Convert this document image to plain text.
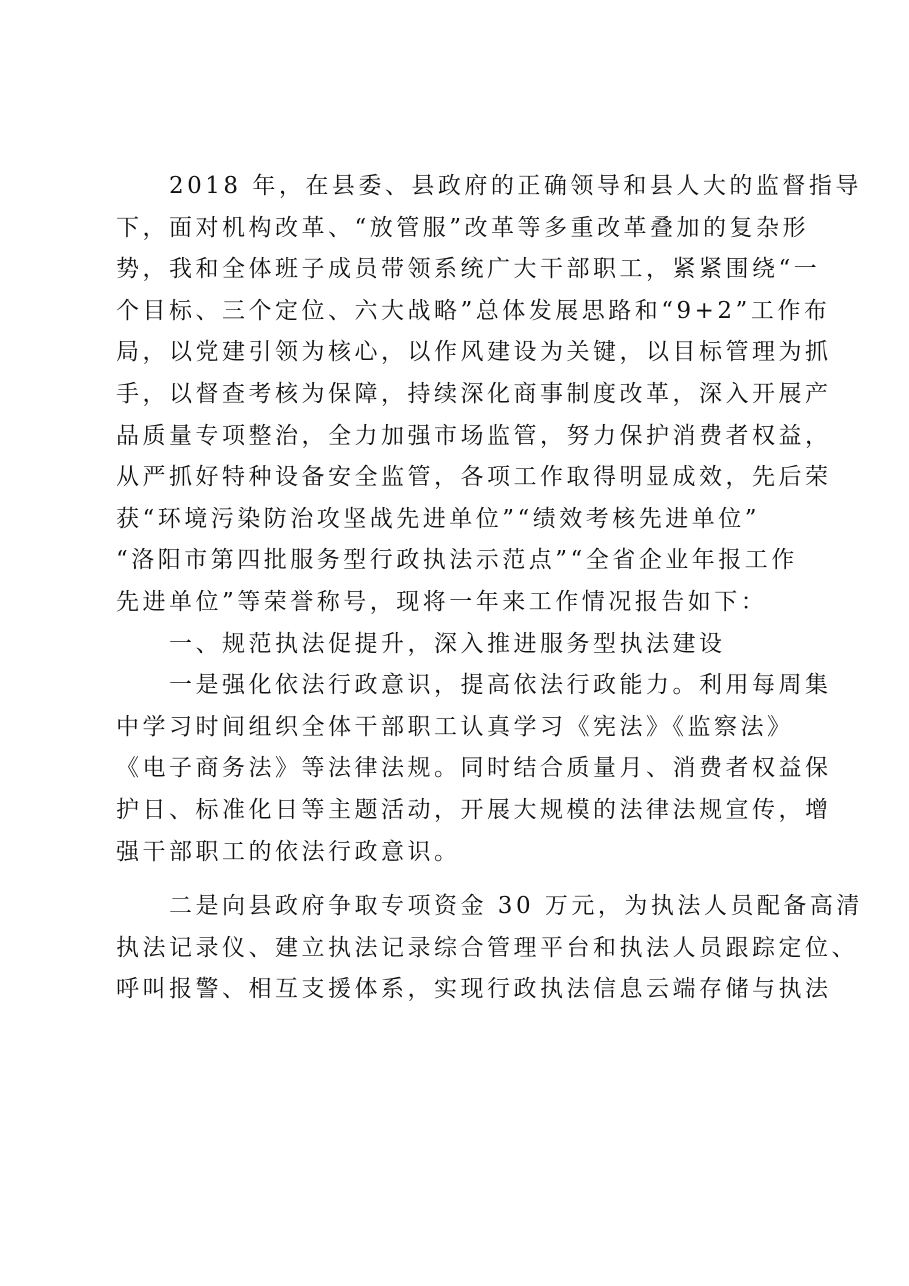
　　2018 年，在县委、县政府的正确领导和县人大的监督指导
下，面对机构改革、“放管服”改革等多重改革叠加的复杂形
势，我和全体班子成员带领系统广大干部职工，紧紧围绕“一
个目标、三个定位、六大战略”总体发展思路和“9+2”工作布
局，以党建引领为核心，以作风建设为关键，以目标管理为抓
手，以督查考核为保障，持续深化商事制度改革，深入开展产
品质量专项整治，全力加强市场监管，努力保护消费者权益，
从严抓好特种设备安全监管，各项工作取得明显成效，先后荣
获“环境污染防治攻坚战先进单位”“绩效考核先进单位”
“洛阳市第四批服务型行政执法示范点”“全省企业年报工作
先进单位”等荣誉称号，现将一年来工作情况报告如下：
　　一、规范执法促提升，深入推进服务型执法建设
　　一是强化依法行政意识，提高依法行政能力。利用每周集
中学习时间组织全体干部职工认真学习《宪法》《监察法》
《电子商务法》等法律法规。同时结合质量月、消费者权益保
护日、标准化日等主题活动，开展大规模的法律法规宣传，增
强干部职工的依法行政意识。
　　二是向县政府争取专项资金 30 万元，为执法人员配备高清
执法记录仪、建立执法记录综合管理平台和执法人员跟踪定位、
呼叫报警、相互支援体系，实现行政执法信息云端存储与执法
